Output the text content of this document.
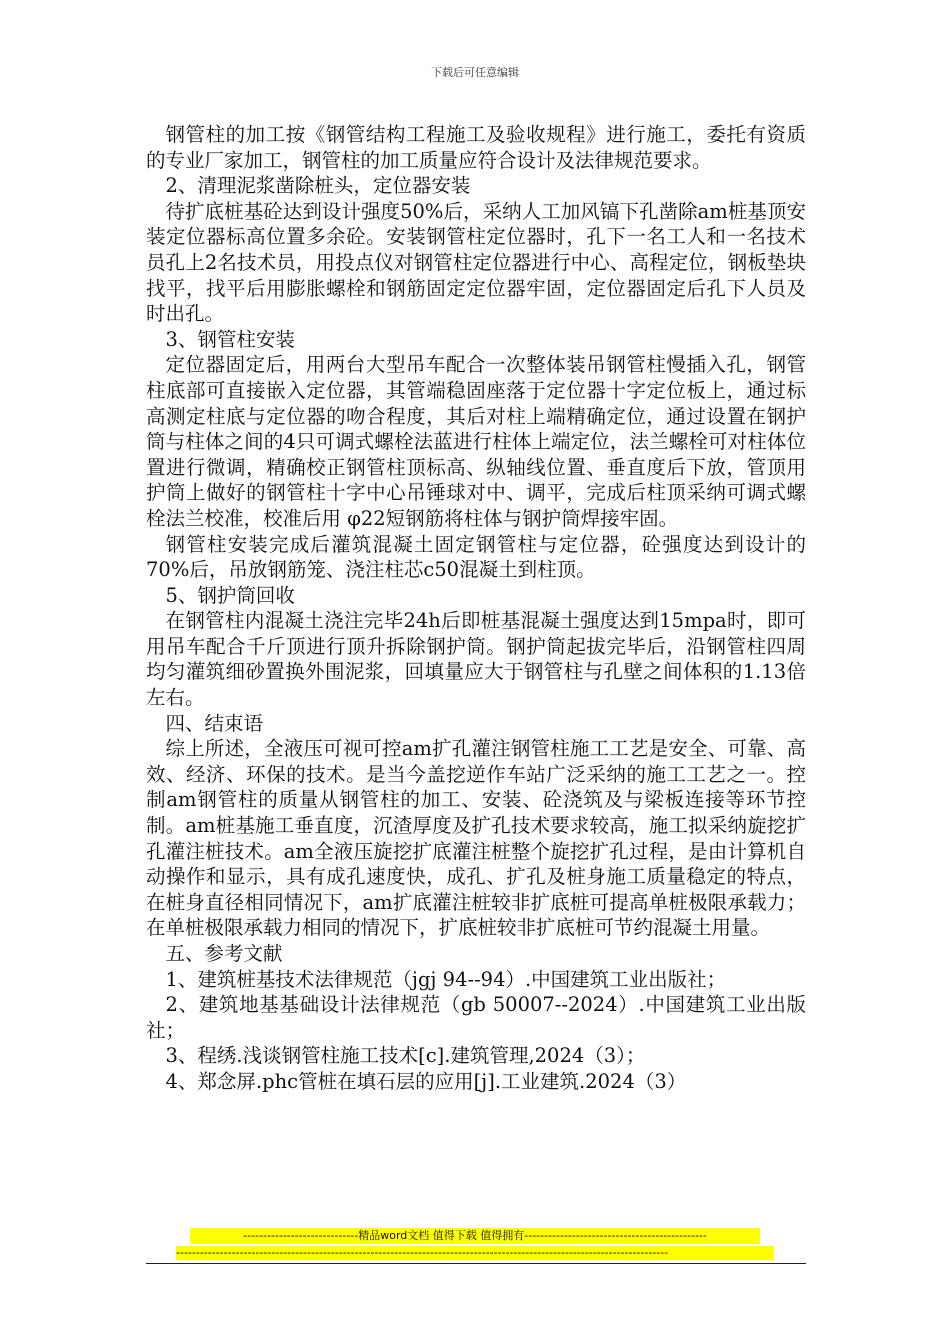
下载后可任意编辑

钢管柱的加工按《钢管结构工程施工及验收规程》进行施工，委托有资质的专业厂家加工，钢管柱的加工质量应符合设计及法律规范要求。

2、清理泥浆凿除桩头，定位器安装

待扩底桩基砼达到设计强度50%后，采纳人工加风镐下孔凿除am桩基顶安装定位器标高位置多余砼。安装钢管柱定位器时，孔下一名工人和一名技术员孔上2名技术员，用投点仪对钢管柱定位器进行中心、高程定位，钢板垫块找平，找平后用膨胀螺栓和钢筋固定定位器牢固，定位器固定后孔下人员及时出孔。

3、钢管柱安装

定位器固定后，用两台大型吊车配合一次整体装吊钢管柱慢插入孔，钢管柱底部可直接嵌入定位器，其管端稳固座落于定位器十字定位板上，通过标高测定柱底与定位器的吻合程度，其后对柱上端精确定位，通过设置在钢护筒与柱体之间的4只可调式螺栓法蓝进行柱体上端定位，法兰螺栓可对柱体位置进行微调，精确校正钢管柱顶标高、纵轴线位置、垂直度后下放，管顶用护筒上做好的钢管柱十字中心吊锤球对中、调平，完成后柱顶采纳可调式螺栓法兰校准，校准后用 φ22短钢筋将柱体与钢护筒焊接牢固。

钢管柱安装完成后灌筑混凝土固定钢管柱与定位器，砼强度达到设计的70%后，吊放钢筋笼、浇注柱芯c50混凝土到柱顶。

5、钢护筒回收

在钢管柱内混凝土浇注完毕24h后即桩基混凝土强度达到15mpa时，即可用吊车配合千斤顶进行顶升拆除钢护筒。钢护筒起拔完毕后，沿钢管柱四周均匀灌筑细砂置换外围泥浆，回填量应大于钢管柱与孔壁之间体积的1.13倍左右。

四、结束语

综上所述，全液压可视可控am扩孔灌注钢管柱施工工艺是安全、可靠、高效、经济、环保的技术。是当今盖挖逆作车站广泛采纳的施工工艺之一。控制am钢管柱的质量从钢管柱的加工、安装、砼浇筑及与梁板连接等环节控制。am桩基施工垂直度，沉渣厚度及扩孔技术要求较高，施工拟采纳旋挖扩孔灌注桩技术。am全液压旋挖扩底灌注桩整个旋挖扩孔过程，是由计算机自动操作和显示，具有成孔速度快，成孔、扩孔及桩身施工质量稳定的特点，在桩身直径相同情况下，am扩底灌注桩较非扩底桩可提高单桩极限承载力；在单桩极限承载力相同的情况下，扩底桩较非扩底桩可节约混凝土用量。

五、参考文献

1、建筑桩基技术法律规范（jgj 94--94）.中国建筑工业出版社；

2、建筑地基基础设计法律规范（gb 50007--2024）.中国建筑工业出版社；

3、程绣.浅谈钢管柱施工技术[c].建筑管理,2024（3）；

4、郑念屏.phc管桩在填石层的应用[j].工业建筑.2024（3）

-----------------------------精品word文档 值得下载 值得拥有----------------------------------------------
----------------------------------------------------------------------------------------------------------------------------
